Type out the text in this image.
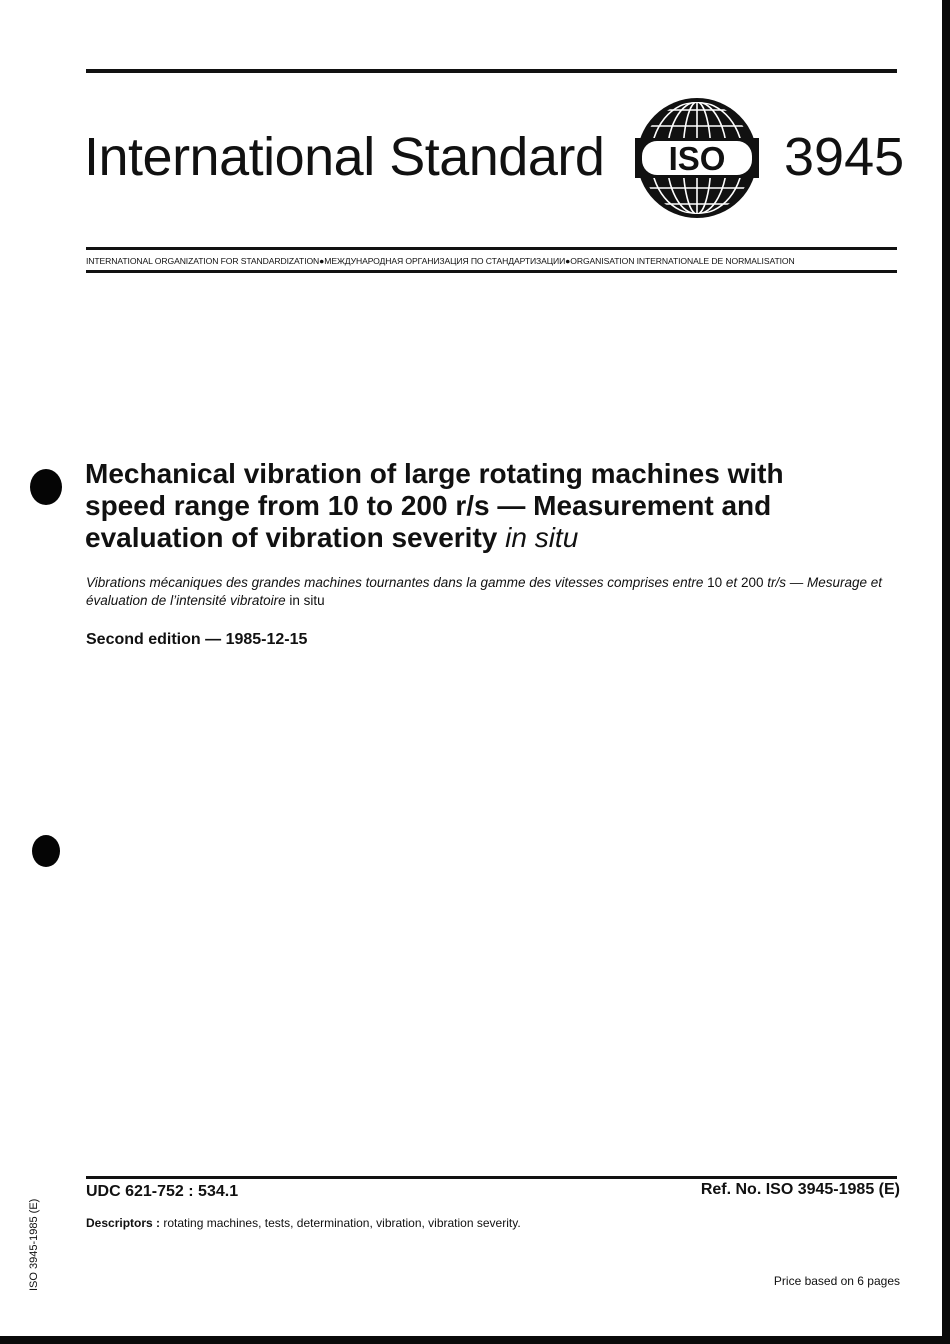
International Standard ISO 3945
INTERNATIONAL ORGANIZATION FOR STANDARDIZATION●МЕЖДУНАРОДНАЯ ОРГАНИЗАЦИЯ ПО СТАНДАРТИЗАЦИИ●ORGANISATION INTERNATIONALE DE NORMALISATION
Mechanical vibration of large rotating machines with speed range from 10 to 200 r/s — Measurement and evaluation of vibration severity in situ
Vibrations mécaniques des grandes machines tournantes dans la gamme des vitesses comprises entre 10 et 200 tr/s — Mesurage et évaluation de l’intensité vibratoire in situ
Second edition — 1985-12-15
ISO 3945-1985 (E)
UDC 621-752 : 534.1	Ref. No. ISO 3945-1985 (E)
Descriptors : rotating machines, tests, determination, vibration, vibration severity.
Price based on 6 pages
